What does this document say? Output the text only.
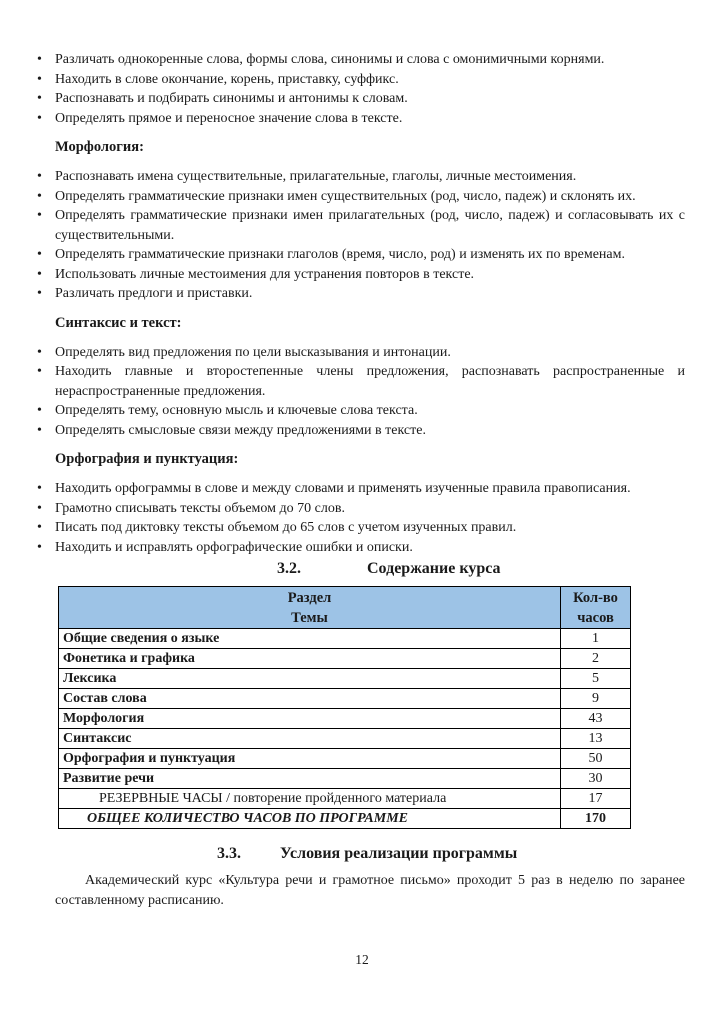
• Различать однокоренные слова, формы слова, синонимы и слова с омонимичными корнями.
• Находить в слове окончание, корень, приставку, суффикс.
• Распознавать и подбирать синонимы и антонимы к словам.
• Определять прямое и переносное значение слова в тексте.
Морфология:
• Распознавать имена существительные, прилагательные, глаголы, личные местоимения.
• Определять грамматические признаки имен существительных (род, число, падеж) и склонять их.
• Определять грамматические признаки имен прилагательных (род, число, падеж) и согласовывать их с существительными.
• Определять грамматические признаки глаголов (время, число, род) и изменять их по временам.
• Использовать личные местоимения для устранения повторов в тексте.
• Различать предлоги и приставки.
Синтаксис и текст:
• Определять вид предложения по цели высказывания и интонации.
• Находить главные и второстепенные члены предложения, распознавать распространенные и нераспространенные предложения.
• Определять тему, основную мысль и ключевые слова текста.
• Определять смысловые связи между предложениями в тексте.
Орфография и пунктуация:
• Находить орфограммы в слове и между словами и применять изученные правила правописания.
• Грамотно списывать тексты объемом до 70 слов.
• Писать под диктовку тексты объемом до 65 слов с учетом изученных правил.
• Находить и исправлять орфографические ошибки и описки.
3.2.	Содержание курса
Раздел
Темы

Кол-во
часов

Общие сведения о языке	1
Фонетика и графика	2
Лексика	5
Состав слова	9
Морфология	43
Синтаксис	13
Орфография и пунктуация	50
Развитие речи	30
РЕЗЕРВНЫЕ ЧАСЫ / повторение пройденного материала	17
ОБЩЕЕ КОЛИЧЕСТВО ЧАСОВ ПО ПРОГРАММЕ	170
3.3. Условия реализации программы

Академический курс «Культура речи и грамотное письмо» проходит 5 раз в неделю по заранее составленному расписанию.

12
